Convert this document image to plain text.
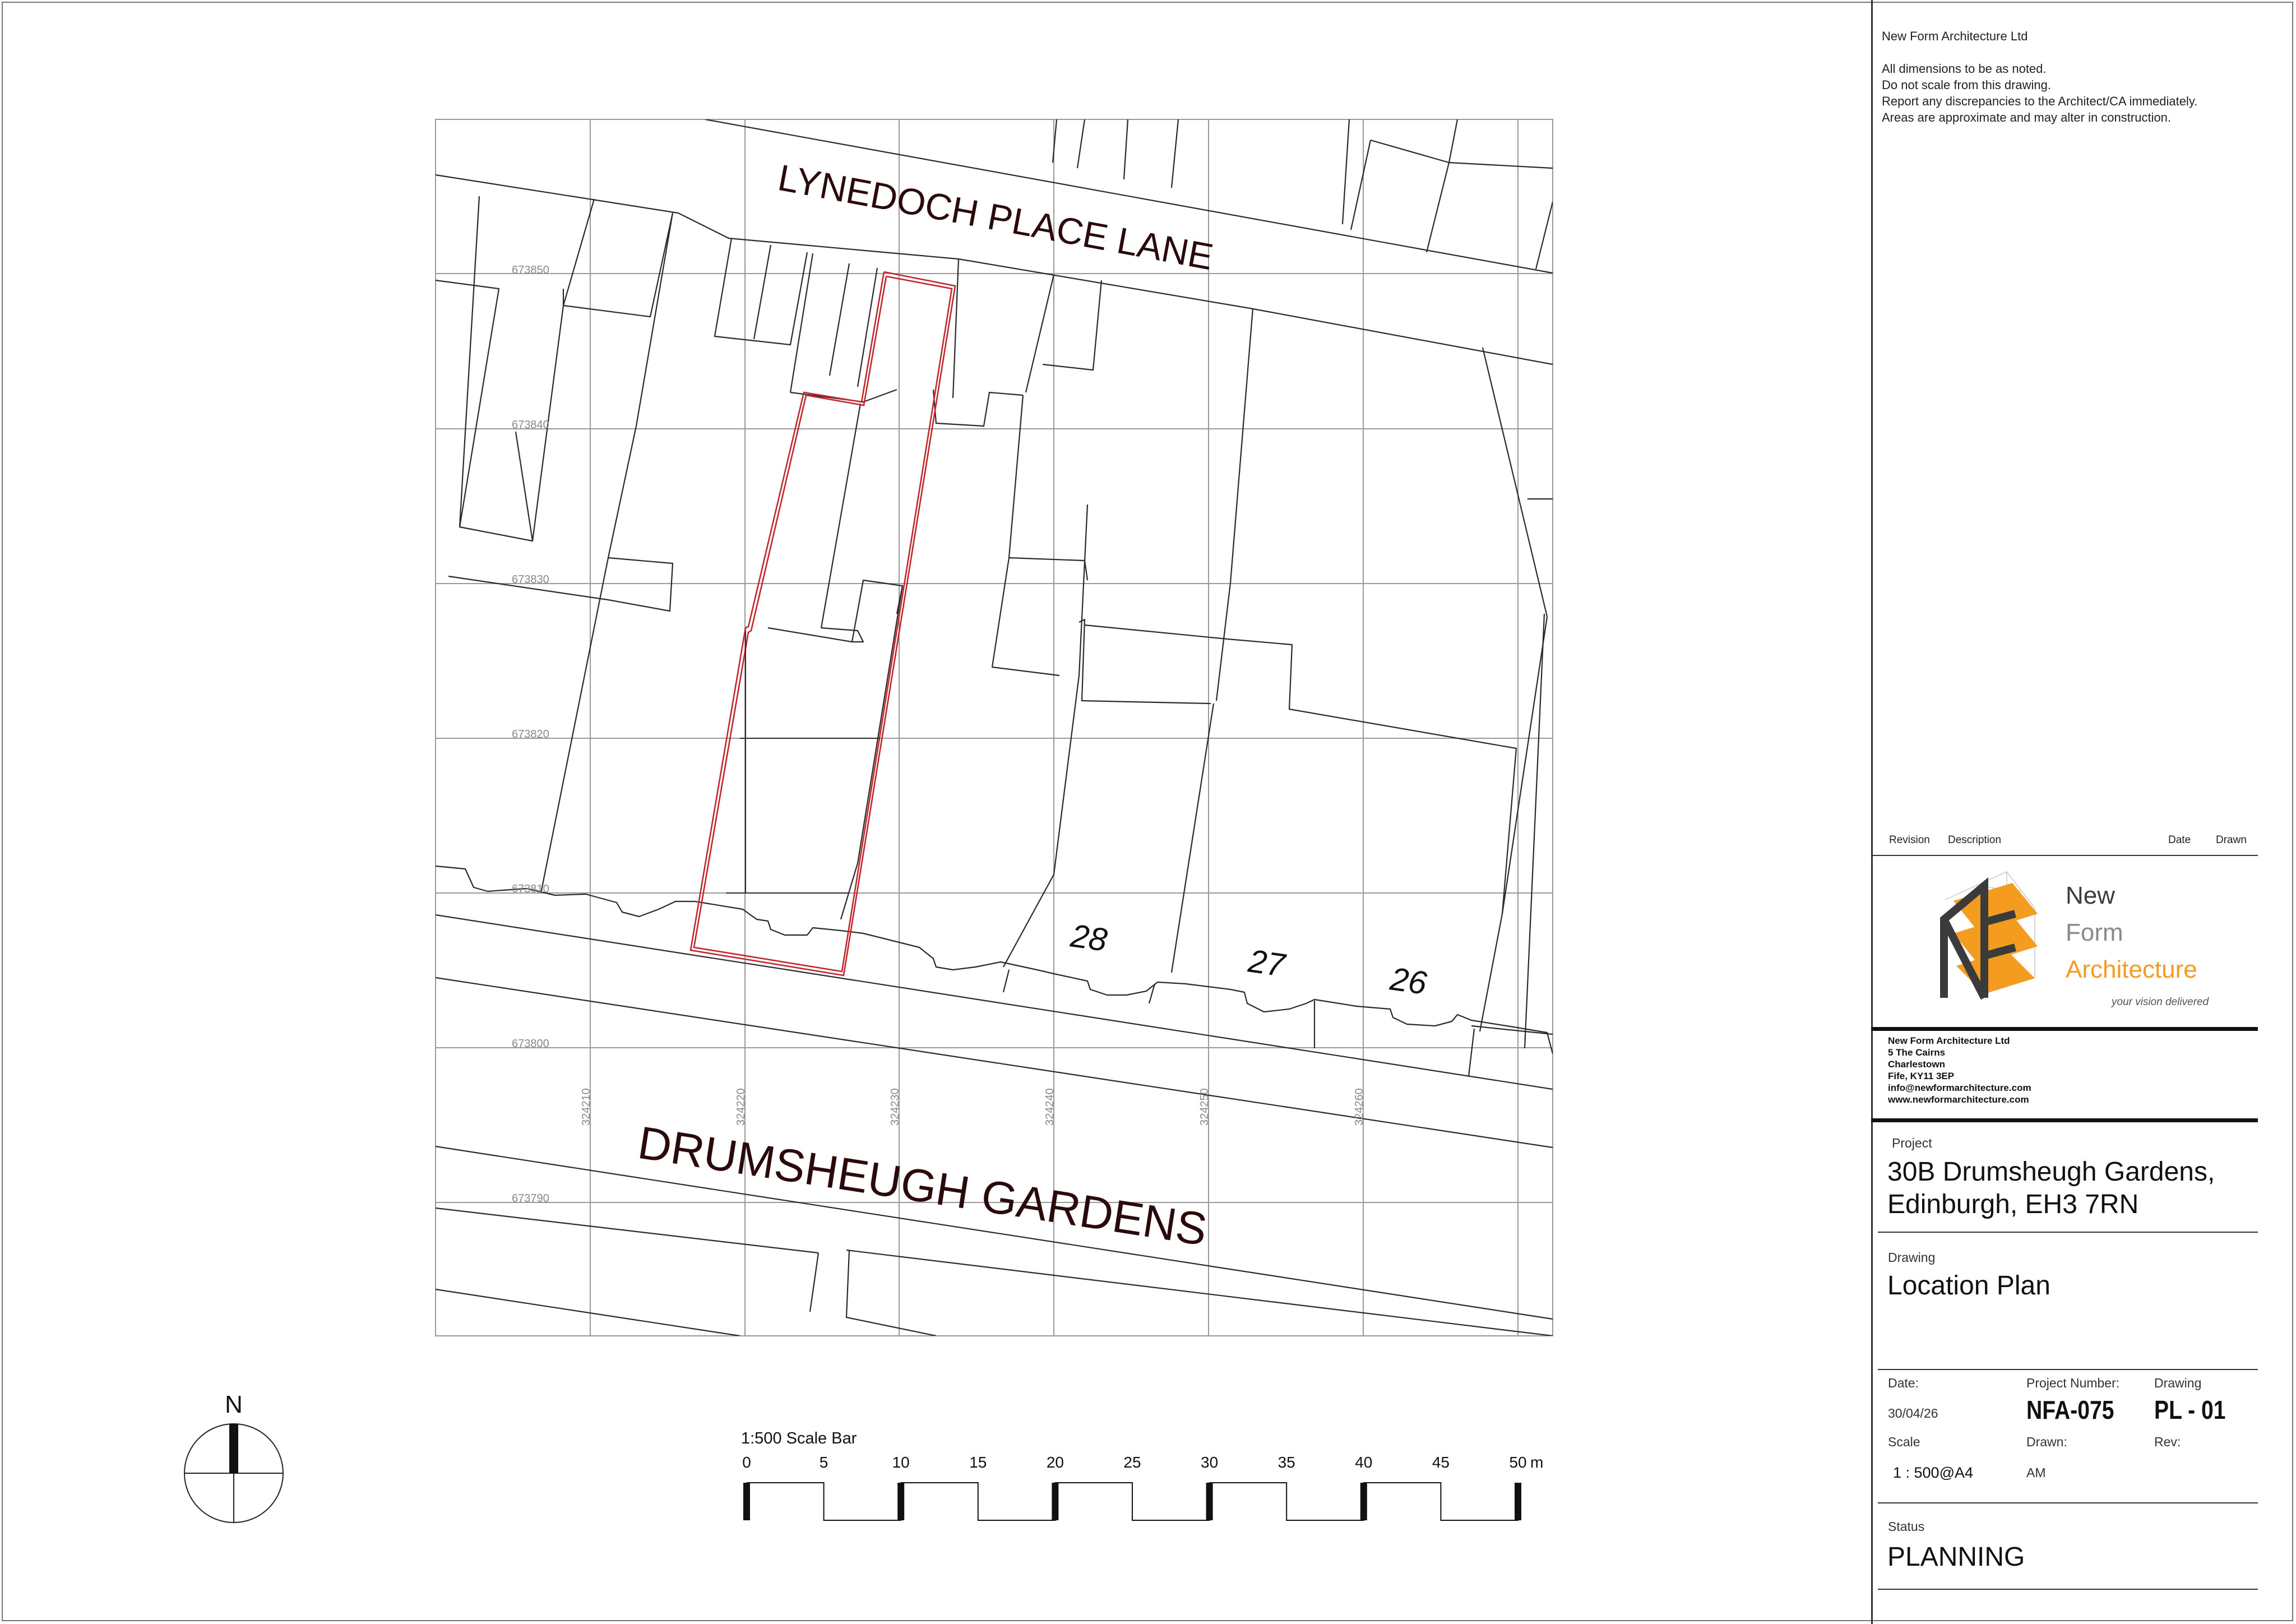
673850
673840
673830
673820
673810
673800
673790
324210	324220	324230	324240	324250	324260
LYNEDOCH PLACE LANE
DRUMSHEUGH GARDENS
28
27	26
N
1:500 Scale Bar
0	5	10	15	20	25	30	35	40	45	50 m
New Form Architecture Ltd
All dimensions to be as noted.
Do not scale from this drawing.
Report any discrepancies to the Architect/CA immediately.
Areas are approximate and may alter in construction.
Revision Description	Date Drawn
New
Form
Architecture
your vision delivered
New Form Architecture Ltd
5 The Cairns
Charlestown
Fife, KY11 3EP
info@newformarchitecture.com
www.newformarchitecture.com
Project
30B Drumsheugh Gardens,
Edinburgh, EH3 7RN
Drawing
Location Plan
Date:
30/04/26
Project Number:
NFA-075
Drawing
PL - 01
Scale
1 : 500@A4
Drawn:
AM
Rev:
Status
PLANNING
